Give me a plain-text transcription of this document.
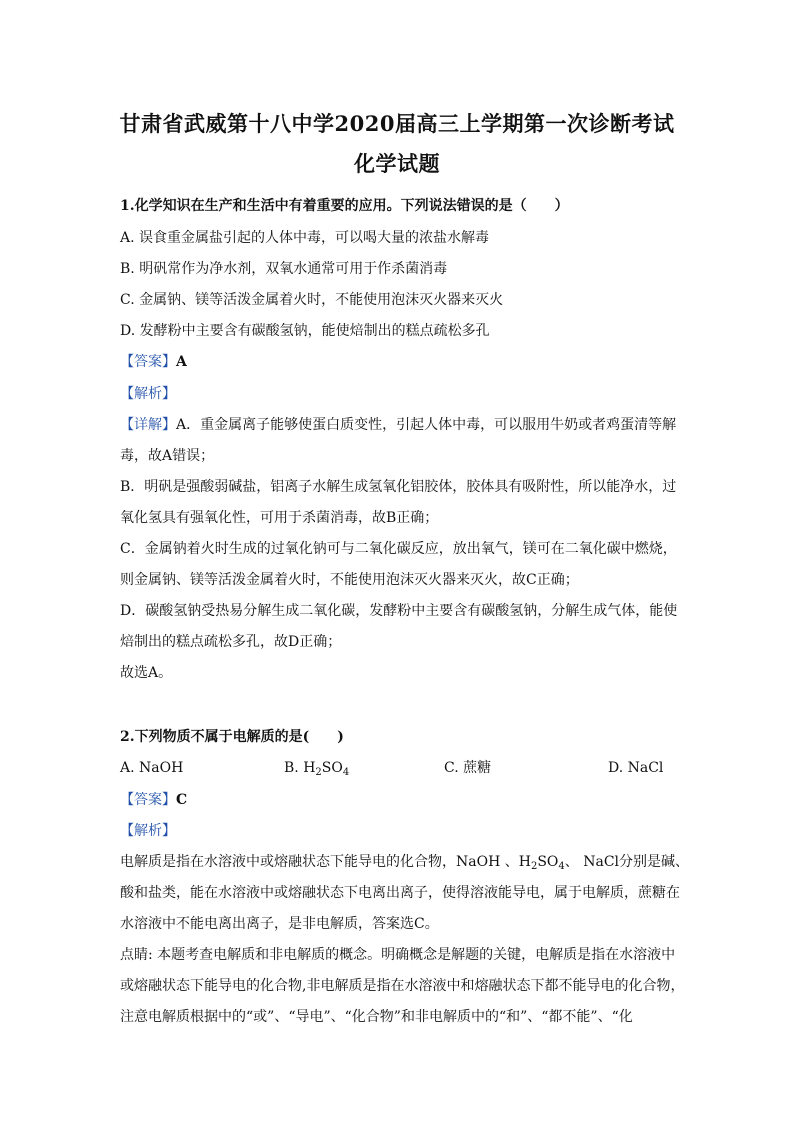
甘肃省武威第十八中学2020届高三上学期第一次诊断考试
化学试题
1.化学知识在生产和生活中有着重要的应用。下列说法错误的是（　　）
A. 误食重金属盐引起的人体中毒，可以喝大量的浓盐水解毒
B. 明矾常作为净水剂，双氧水通常可用于作杀菌消毒
C. 金属钠、镁等活泼金属着火时，不能使用泡沫灭火器来灭火
D. 发酵粉中主要含有碳酸氢钠，能使焙制出的糕点疏松多孔
【答案】A
【解析】
【详解】A．重金属离子能够使蛋白质变性，引起人体中毒，可以服用牛奶或者鸡蛋清等解
毒，故A错误；
B．明矾是强酸弱碱盐，铝离子水解生成氢氧化铝胶体，胶体具有吸附性，所以能净水，过
氧化氢具有强氧化性，可用于杀菌消毒，故B正确；
C．金属钠着火时生成的过氧化钠可与二氧化碳反应，放出氧气，镁可在二氧化碳中燃烧，
则金属钠、镁等活泼金属着火时，不能使用泡沫灭火器来灭火，故C正确；
D．碳酸氢钠受热易分解生成二氧化碳，发酵粉中主要含有碳酸氢钠，分解生成气体，能使
焙制出的糕点疏松多孔，故D正确；
故选A。
2.下列物质不属于电解质的是(　　)
A. NaOH	B. $H_2SO_4$	C. 蔗糖	D. NaCl
【答案】C
【解析】
电解质是指在水溶液中或熔融状态下能导电的化合物，NaOH 、$H_2SO_4$、 NaCl分别是碱、
酸和盐类，能在水溶液中或熔融状态下电离出离子，使得溶液能导电，属于电解质，蔗糖在
水溶液中不能电离出离子，是非电解质，答案选C。
点睛: 本题考查电解质和非电解质的概念。明确概念是解题的关键，电解质是指在水溶液中
或熔融状态下能导电的化合物,非电解质是指在水溶液中和熔融状态下都不能导电的化合物，
注意电解质根据中的“或”、“导电”、“化合物”和非电解质中的“和”、“都不能”、“化
